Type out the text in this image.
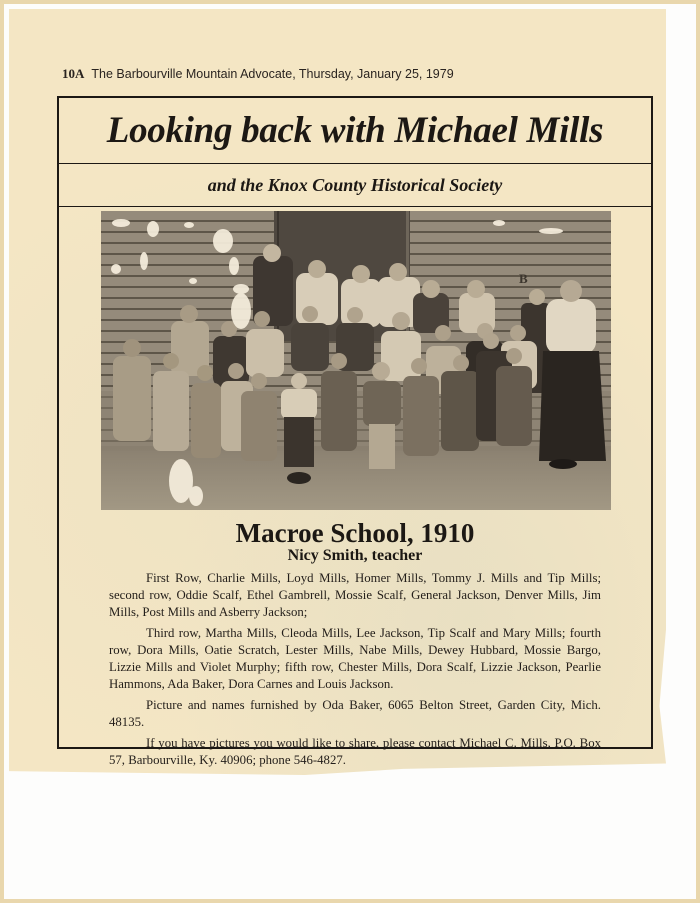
10A The Barbourville Mountain Advocate, Thursday, January 25, 1979
Looking back with Michael Mills
and the Knox County Historical Society
B
Macroe School, 1910
Nicy Smith, teacher

First Row, Charlie Mills, Loyd Mills, Homer Mills, Tommy J. Mills and Tip Mills; second row, Oddie Scalf, Ethel Gambrell, Mossie Scalf, General Jackson, Denver Mills, Jim Mills, Post Mills and Asberry Jackson;

Third row, Martha Mills, Cleoda Mills, Lee Jackson, Tip Scalf and Mary Mills; fourth row, Dora Mills, Oatie Scratch, Lester Mills, Nabe Mills, Dewey Hubbard, Mossie Bargo, Lizzie Mills and Violet Murphy; fifth row, Chester Mills, Dora Scalf, Lizzie Jackson, Pearlie Hammons, Ada Baker, Dora Carnes and Louis Jackson.

Picture and names furnished by Oda Baker, 6065 Belton Street, Garden City, Mich. 48135.

If you have pictures you would like to share, please contact Michael C. Mills, P.O. Box 57, Barbourville, Ky. 40906; phone 546-4827.
